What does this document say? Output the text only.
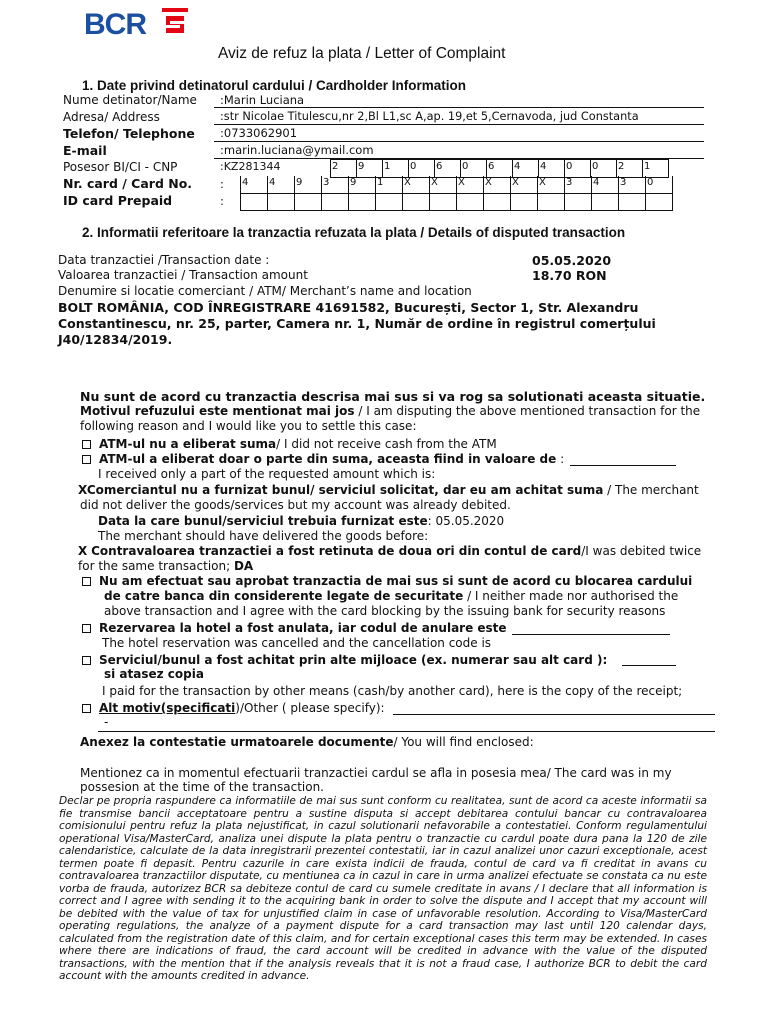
BCR
Aviz de refuz la plata / Letter of Complaint
1. Date privind detinatorul cardului / Cardholder Information
Nume detinator/Name :Marin Luciana
Adresa/ Address	:str Nicolae Titulescu,nr 2,Bl L1,sc A,ap. 19,et 5,Cernavoda, jud Constanta
Telefon/ Telephone :0733062901
E-mail	:marin.luciana@ymail.com
Posesor BI/CI - CNP	:KZ281344	2	9	1	0	6	0	6	4	4	0	0	2	1
Nr. card / Card No. : 4	4	9	3	9	1	X	X	X	X	X	X	3	4	3	0
ID card Prepaid	:
2. Informatii referitoare la tranzactia refuzata la plata / Details of disputed transaction
Data tranzactiei /Transaction date :	05.05.2020
Valoarea tranzactiei / Transaction amount	18.70 RON
Denumire si locatie comerciant / ATM/ Merchant’s name and location
BOLT ROMÂNIA, COD ÎNREGISTRARE 41691582, București, Sector 1, Str. Alexandru
Constantinescu, nr. 25, parter, Camera nr. 1, Număr de ordine în registrul comerțului
J40/12834/2019.
Nu sunt de acord cu tranzactia descrisa mai sus si va rog sa solutionati aceasta situatie.
Motivul refuzului este mentionat mai jos / I am disputing the above mentioned transaction for the
following reason and I would like you to settle this case:
ATM-ul nu a eliberat suma/ I did not receive cash from the ATM
ATM-ul a eliberat doar o parte din suma, aceasta fiind in valoare de :
I received only a part of the requested amount which is:
XComerciantul nu a furnizat bunul/ serviciul solicitat, dar eu am achitat suma / The merchant
did not deliver the goods/services but my account was already debited.
Data la care bunul/serviciul trebuia furnizat este: 05.05.2020
The merchant should have delivered the goods before:
X Contravaloarea tranzactiei a fost retinuta de doua ori din contul de card/I was debited twice
for the same transaction; DA
Nu am efectuat sau aprobat tranzactia de mai sus si sunt de acord cu blocarea cardului
de catre banca din considerente legate de securitate / I neither made nor authorised the
above transaction and I agree with the card blocking by the issuing bank for security reasons
Rezervarea la hotel a fost anulata, iar codul de anulare este
The hotel reservation was cancelled and the cancellation code is
Serviciul/bunul a fost achitat prin alte mijloace (ex. numerar sau alt card ):
si atasez copia
I paid for the transaction by other means (cash/by another card), here is the copy of the receipt;
Alt motiv(specificati)/Other ( please specify):
-
Anexez la contestatie urmatoarele documente/ You will find enclosed:
Mentionez ca in momentul efectuarii tranzactiei cardul se afla in posesia mea/ The card was in my
possesion at the time of the transaction.
Declar pe propria raspundere ca informatiile de mai sus sunt conform cu realitatea, sunt de acord ca aceste informatii sa fie transmise bancii acceptatoare pentru a sustine disputa si accept debitarea contului bancar cu contravaloarea comisionului pentru refuz la plata nejustificat, in cazul solutionarii nefavorabile a contestatiei. Conform regulamentului operational Visa/MasterCard, analiza unei dispute la plata pentru o tranzactie cu cardul poate dura pana la 120 de zile calendaristice, calculate de la data inregistrarii prezentei contestatii, iar in cazul analizei unor cazuri exceptionale, acest termen poate fi depasit. Pentru cazurile in care exista indicii de frauda, contul de card va fi creditat in avans cu contravaloarea tranzactiilor disputate, cu mentiunea ca in cazul in care in urma analizei efectuate se constata ca nu este vorba de frauda, autorizez BCR sa debiteze contul de card cu sumele creditate in avans / I declare that all information is correct and I agree with sending it to the acquiring bank in order to solve the dispute and I accept that my account will be debited with the value of tax for unjustified claim in case of unfavorable resolution. According to Visa/MasterCard operating regulations, the analyze of a payment dispute for a card transaction may last until 120 calendar days, calculated from the registration date of this claim, and for certain exceptional cases this term may be extended. In cases where there are indications of fraud, the card account will be credited in advance with the value of the disputed transactions, with the mention that if the analysis reveals that it is not a fraud case, I authorize BCR to debit the card account with the amounts credited in advance.
